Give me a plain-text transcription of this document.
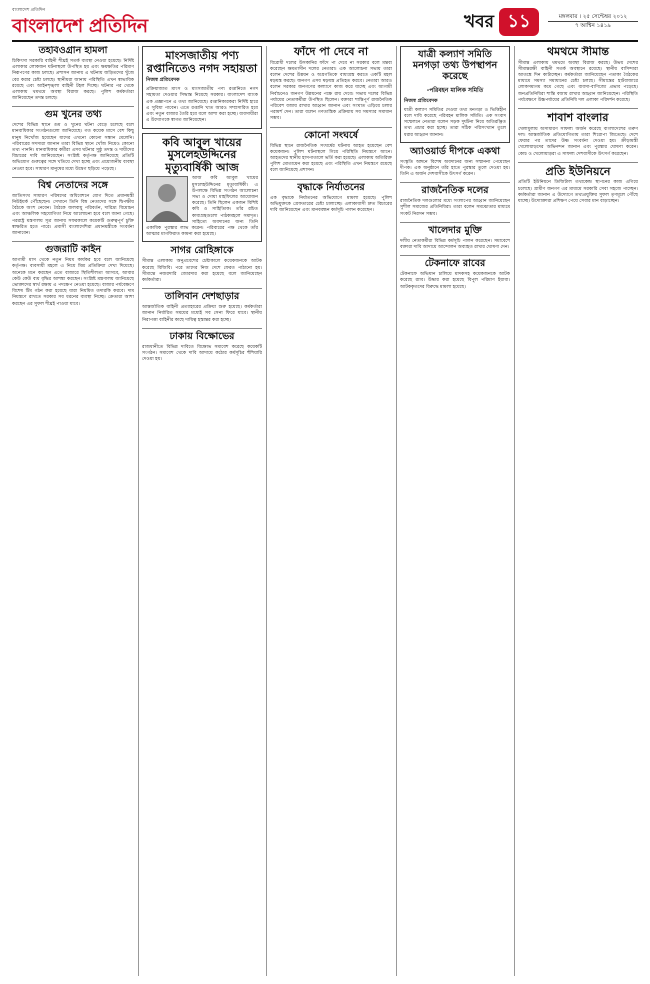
বাংলাদেশ প্রতিদিন
বাংলাদেশ প্রতিদিন	খবর ১১	মঙ্গলবার । ২৫ সেপ্টেম্বর ২০১২
৭ আশ্বিন ১৪১৯
তহবিওগ্রান হামলা

চিকিৎসা সরকারি বাহিনী শীঘ্রই সতর্ক ব্যবস্থা নেওয়া হয়েছে। নির্দিষ্ট এলাকার লোকজন ঘটনাস্থলে উপস্থিত হয় এবং ক্ষয়ক্ষতির পরিমাণ নিরূপণের কাজ চলছে। প্রশাসন জানায় এ ঘটনায় জড়িতদের খুঁজে বের করার চেষ্টা চলছে। স্থানীয়রা জানায় পরিস্থিতি এখন স্বাভাবিক রয়েছে এবং আইনশৃঙ্খলা বাহিনী টহল দিচ্ছে। ঘটনার পর থেকে এলাকায় থমথমে অবস্থা বিরাজ করছে। পুলিশ কর্মকর্তারা জানিয়েছেন তদন্ত চলছে।

গুম খুনের তথ্য

দেশের বিভিন্ন স্থানে গুম ও খুনের ঘটনা বেড়ে চলেছে বলে মানবাধিকার সংগঠনগুলো জানিয়েছে। গত কয়েক মাসে বেশ কিছু মানুষ নিখোঁজ হয়েছেন যাদের এখনো কোনো সন্ধান মেলেনি। পরিবারের সদস্যরা জানান তারা বিভিন্ন স্থানে খোঁজ নিয়েও কোনো তথ্য পাননি। মানবাধিকার কর্মীরা এসব ঘটনার সুষ্ঠু তদন্ত ও দায়ীদের বিচারের দাবি জানিয়েছেন। সংশ্লিষ্ট কর্তৃপক্ষ জানিয়েছে প্রতিটি অভিযোগ গুরুত্বের সঙ্গে খতিয়ে দেখা হচ্ছে এবং প্রয়োজনীয় ব্যবস্থা নেওয়া হবে। সাধারণ মানুষের মধ্যে উদ্বেগ ছড়িয়ে পড়েছে।

বিশ্ব নেতাদের সঙ্গে

জাতিসংঘ সাধারণ পরিষদের অধিবেশনে যোগ দিতে প্রধানমন্ত্রী নিউইয়র্ক পৌঁছেছেন। সেখানে তিনি বিশ্ব নেতাদের সঙ্গে দ্বিপক্ষীয় বৈঠকে অংশ নেবেন। বৈঠকে জলবায়ু পরিবর্তন, দারিদ্র্য বিমোচন এবং আঞ্চলিক সহযোগিতা নিয়ে আলোচনা হবে বলে জানা গেছে। পররাষ্ট্র মন্ত্রণালয় সূত্র জানায় সফরকালে কয়েকটি গুরুত্বপূর্ণ চুক্তি স্বাক্ষরিত হতে পারে। প্রবাসী বাংলাদেশিরা প্রধানমন্ত্রীকে সংবর্ধনা জানাবেন।

গুজরাটি কাইন

আগামী মাস থেকে নতুন নিয়ম কার্যকর হবে বলে জানিয়েছে কর্তৃপক্ষ। ব্যবসায়ী মহলে এ নিয়ে মিশ্র প্রতিক্রিয়া দেখা দিয়েছে। অনেকে মনে করছেন এতে বাজারে স্থিতিশীলতা আসবে, আবার কেউ কেউ ব্যয় বৃদ্ধির আশঙ্কা করছেন। সংশ্লিষ্ট মন্ত্রণালয় জানিয়েছে ভোক্তাদের স্বার্থ রক্ষায় এ পদক্ষেপ নেওয়া হয়েছে। বাজার পর্যবেক্ষণে বিশেষ টিম গঠন করা হয়েছে যারা নিয়মিত তদারকি করবে। দাম নিয়ন্ত্রণে রাখতে সরকার সব ধরনের ব্যবস্থা নিচ্ছে। ক্রেতারা আশা করছেন এর সুফল শীঘ্রই পাওয়া যাবে।

মাংসজাতীয় পণ্য রপ্তানিতেও নগদ সহায়তা
নিজস্ব প্রতিবেদক

প্রক্রিয়াজাত মাংস ও মাংসজাতীয় পণ্য রপ্তানিতে নগদ সহায়তা দেওয়ার সিদ্ধান্ত নিয়েছে সরকার। বাংলাদেশ ব্যাংক এক প্রজ্ঞাপনে এ তথ্য জানিয়েছে। রপ্তানিকারকরা নির্দিষ্ট হারে এ সুবিধা পাবেন। এতে রপ্তানি খাত আরও সম্প্রসারিত হবে এবং নতুন বাজার তৈরি হবে বলে আশা করা হচ্ছে। ব্যবসায়ীরা এ উদ্যোগকে স্বাগত জানিয়েছেন।

কবি আবুল খায়ের মুসলেহউদ্দিনের মৃত্যুবার্ষিকী আজ

আজ কবি আবুল খায়ের মুসলেহউদ্দিনের মৃত্যুবার্ষিকী। এ উপলক্ষে বিভিন্ন সংগঠন আলোচনা সভা ও দোয়া মাহফিলের আয়োজন করেছে। তিনি ছিলেন একজন বিশিষ্ট কবি ও সাহিত্যিক। তাঁর রচিত কাব্যগ্রন্থগুলো পাঠকমহলে সমাদৃত। সাহিত্যে অবদানের জন্য তিনি একাধিক পুরস্কার লাভ করেন। পরিবারের পক্ষ থেকে তাঁর আত্মার মাগফিরাত কামনা করা হয়েছে।

সাগর রোহিঙ্গাকে

সীমান্ত এলাকায় অনুপ্রবেশের চেষ্টাকালে কয়েকজনকে আটক করেছে বিজিবি। পরে তাদের নিজ দেশে ফেরত পাঠানো হয়। সীমান্তে নজরদারি জোরদার করা হয়েছে বলে জানিয়েছেন কর্মকর্তারা।

তালিবান দেশছাড়ার

আন্তর্জাতিক বাহিনী প্রত্যাহারের প্রক্রিয়া শুরু হয়েছে। কর্মকর্তারা জানান নির্ধারিত সময়ের মধ্যেই সব সেনা ফিরে যাবে। স্থানীয় নিরাপত্তা বাহিনীর কাছে দায়িত্ব হস্তান্তর করা হচ্ছে।

ঢাকায় বিক্ষোভের

রাজধানীতে বিভিন্ন দাবিতে বিক্ষোভ সমাবেশ করেছে কয়েকটি সংগঠন। সমাবেশ থেকে দাবি আদায়ে কঠোর কর্মসূচির হুঁশিয়ারি দেওয়া হয়।

ফাঁদে পা দেবে না

বিরোধী দলের উসকানির ফাঁদে পা দেবে না সরকার বলে মন্তব্য করেছেন ক্ষমতাসীন দলের নেতারা। এক আলোচনা সভায় তারা বলেন দেশের উন্নয়ন ও অগ্রগতিকে বাধাগ্রস্ত করতে একটি মহল ষড়যন্ত্র করছে। জনগণ এসব ষড়যন্ত্র প্রতিহত করবে। নেতারা আরও বলেন সরকার জনগণের কল্যাণে কাজ করে যাচ্ছে এবং আগামী নির্বাচনেও জনগণ উন্নয়নের পক্ষে রায় দেবে। সভায় দলের বিভিন্ন পর্যায়ের নেতাকর্মীরা উপস্থিত ছিলেন। বক্তারা শান্তিপূর্ণ রাজনৈতিক পরিবেশ বজায় রাখার আহ্বান জানান এবং সংঘাত এড়িয়ে চলার পরামর্শ দেন। তারা বলেন গণতান্ত্রিক প্রক্রিয়ায় সব সমস্যার সমাধান সম্ভব।

কোনো সংঘর্ষে

বিভিন্ন স্থানে রাজনৈতিক সংঘর্ষের ঘটনায় আহত হয়েছেন বেশ কয়েকজন। পুলিশ ঘটনাস্থলে গিয়ে পরিস্থিতি নিয়ন্ত্রণে আনে। আহতদের স্থানীয় হাসপাতালে ভর্তি করা হয়েছে। এলাকায় অতিরিক্ত পুলিশ মোতায়েন করা হয়েছে এবং পরিস্থিতি এখন নিয়ন্ত্রণে রয়েছে বলে জানিয়েছে প্রশাসন।

বৃদ্ধাকে নির্যাতনের

এক বৃদ্ধাকে নির্যাতনের অভিযোগে মামলা হয়েছে। পুলিশ অভিযুক্তকে গ্রেফতারের চেষ্টা চালাচ্ছে। এলাকাবাসী দ্রুত বিচারের দাবি জানিয়েছেন এবং মানববন্ধন কর্মসূচি পালন করেছেন।

যাত্রী কল্যাণ সমিতি মনগড়া তথ্য উপস্থাপন করেছে
-পরিবহন মালিক সমিতি
নিজস্ব প্রতিবেদক

যাত্রী কল্যাণ সমিতির দেওয়া তথ্য মনগড়া ও ভিত্তিহীন বলে দাবি করেছে পরিবহন মালিক সমিতি। এক সংবাদ সম্মেলনে নেতারা বলেন সড়ক দুর্ঘটনা নিয়ে অতিরঞ্জিত তথ্য প্রচার করা হচ্ছে। তারা সঠিক পরিসংখ্যান তুলে ধরার আহ্বান জানান।

অ্যাওয়ার্ড দীপকে একথা

সংস্কৃতি অঙ্গনে বিশেষ অবদানের জন্য সম্মাননা পেয়েছেন দীপক। এক অনুষ্ঠানে তাঁর হাতে পুরস্কার তুলে দেওয়া হয়। তিনি এ অর্জন দেশবাসীকে উৎসর্গ করেন।

রাজনৈতিক দলের

রাজনৈতিক দলগুলোর মধ্যে সংলাপের আহ্বান জানিয়েছেন সুশীল সমাজের প্রতিনিধিরা। তারা বলেন সমঝোতার মাধ্যমে সংকট নিরসন সম্ভব।

খালেদার মুক্তি

দলীয় নেতাকর্মীরা বিভিন্ন কর্মসূচি পালন করেছেন। সমাবেশে বক্তারা দাবি আদায়ে আন্দোলন অব্যাহত রাখার ঘোষণা দেন।

টেকনাফে রাবের

টেকনাফে অভিযান চালিয়ে মাদকসহ কয়েকজনকে আটক করেছে র‍্যাব। উদ্ধার করা হয়েছে বিপুল পরিমাণ ইয়াবা। আটককৃতদের বিরুদ্ধে মামলা হয়েছে।

থমথমে সীমান্ত

সীমান্ত এলাকায় থমথমে অবস্থা বিরাজ করছে। উভয় দেশের সীমান্তরক্ষী বাহিনী সতর্ক অবস্থানে রয়েছে। স্থানীয় বাসিন্দারা আতঙ্কে দিন কাটাচ্ছেন। কর্মকর্তারা জানিয়েছেন পতাকা বৈঠকের মাধ্যমে সমস্যা সমাধানের চেষ্টা চলছে। সীমান্তের হাটবাজারে লোকসমাগম কমে গেছে এবং ব্যবসা-বাণিজ্যে প্রভাব পড়েছে। জনপ্রতিনিধিরা শান্তি বজায় রাখার আহ্বান জানিয়েছেন। পরিস্থিতি পর্যবেক্ষণে উচ্চপর্যায়ের প্রতিনিধি দল এলাকা পরিদর্শন করেছে।

শাবাশ বাংলার

খেলাধুলায় অসাধারণ সাফল্য অর্জন করেছে বাংলাদেশের তরুণ দল। আন্তর্জাতিক প্রতিযোগিতায় তারা শিরোপা জিতেছে। দেশে ফেরার পর তাদের উষ্ণ সংবর্ধনা দেওয়া হয়। ক্রীড়ামন্ত্রী খেলোয়াড়দের অভিনন্দন জানান এবং পুরস্কার ঘোষণা করেন। কোচ ও খেলোয়াড়রা এ সাফল্য দেশবাসীকে উৎসর্গ করেছেন।

প্রতি ইউনিয়নে

প্রতিটি ইউনিয়নে ডিজিটাল তথ্যকেন্দ্র স্থাপনের কাজ এগিয়ে চলেছে। গ্রামীণ জনগণ এর মাধ্যমে সরকারি সেবা সহজে পাচ্ছেন। কর্মকর্তারা জানান এ উদ্যোগে তথ্যপ্রযুক্তির সুফল তৃণমূলে পৌঁছে যাচ্ছে। উদ্যোক্তারা প্রশিক্ষণ পেয়ে সেবার মান বাড়াচ্ছেন।
